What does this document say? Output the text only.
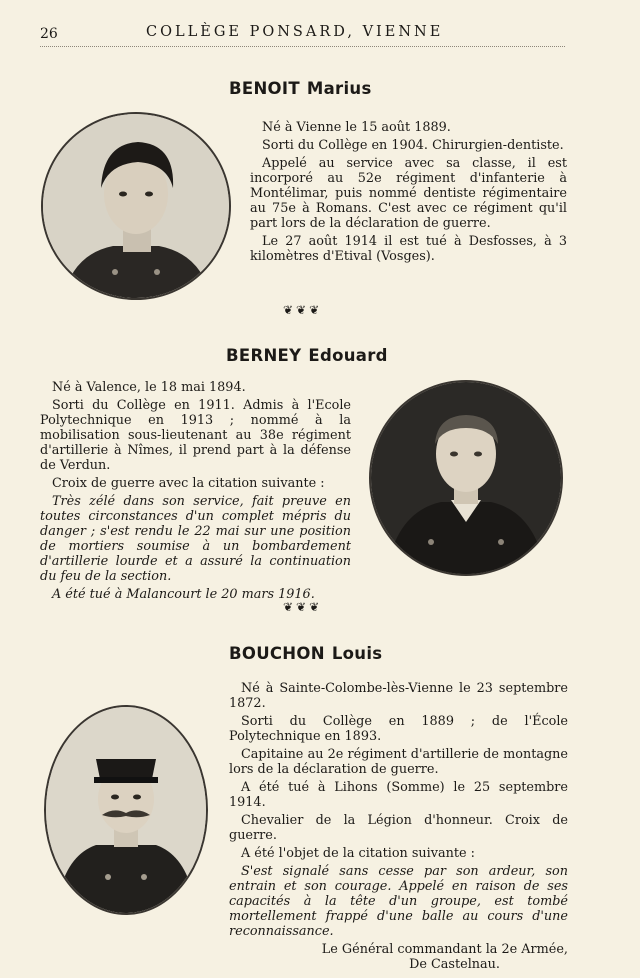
26	COLLÈGE PONSARD, VIENNE
BENOIT Marius

Né à Vienne le 15 août 1889.

Sorti du Collège en 1904. Chirurgien-dentiste.

Appelé au service avec sa classe, il est incorporé au 52e régiment d'infanterie à Montélimar, puis nommé dentiste régimentaire au 75e à Romans. C'est avec ce régiment qu'il part lors de la déclaration de guerre.

Le 27 août 1914 il est tué à Desfosses, à 3 kilomètres d'Etival (Vosges).

❦❦❦
BERNEY Edouard

Né à Valence, le 18 mai 1894.

Sorti du Collège en 1911. Admis à l'Ecole Polytechnique en 1913 ; nommé à la mobilisation sous-lieutenant au 38e régiment d'artillerie à Nîmes, il prend part à la défense de Verdun.

Croix de guerre avec la citation suivante :

Très zélé dans son service, fait preuve en toutes circonstances d'un complet mépris du danger ; s'est rendu le 22 mai sur une position de mortiers soumise à un bombardement d'artillerie lourde et a assuré la continuation du feu de la section.

A été tué à Malancourt le 20 mars 1916.

❦❦❦
BOUCHON Louis

Né à Sainte-Colombe-lès-Vienne le 23 septembre 1872.

Sorti du Collège en 1889 ; de l'École Polytechnique en 1893.

Capitaine au 2e régiment d'artillerie de montagne lors de la déclaration de guerre.

A été tué à Lihons (Somme) le 25 septembre 1914.

Chevalier de la Légion d'honneur. Croix de guerre.

A été l'objet de la citation suivante :

S'est signalé sans cesse par son ardeur, son entrain et son courage. Appelé en raison de ses capacités à la tête d'un groupe, est tombé mortellement frappé d'une balle au cours d'une reconnaissance.

Le Général commandant la 2e Armée,

De Castelnau.
